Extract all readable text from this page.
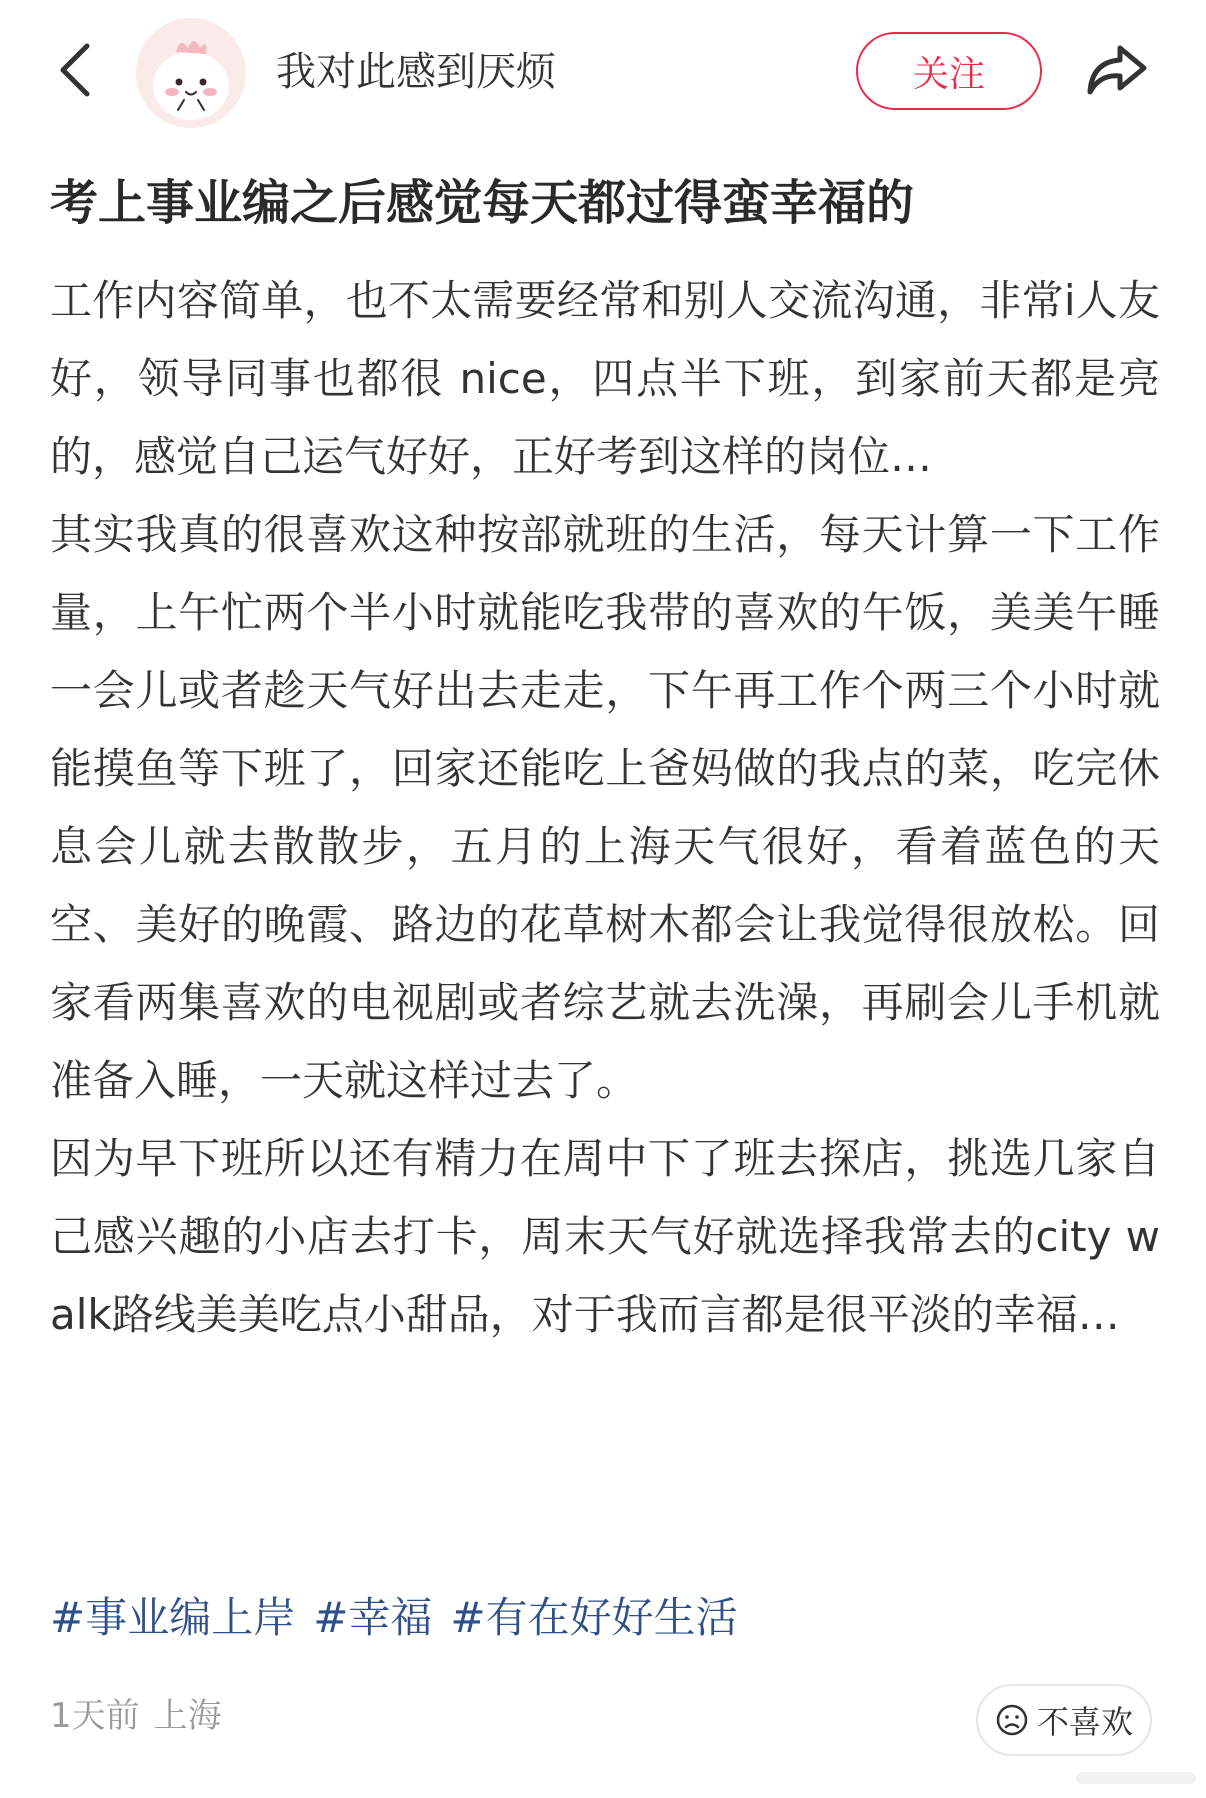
我对此感到厌烦	关注
考上事业编之后感觉每天都过得蛮幸福的

工作内容简单，也不太需要经常和别人交流沟通，非常i人友好，领导同事也都很 nice，四点半下班，到家前天都是亮的，感觉自己运气好好，正好考到这样的岗位…

其实我真的很喜欢这种按部就班的生活，每天计算一下工作量，上午忙两个半小时就能吃我带的喜欢的午饭，美美午睡一会儿或者趁天气好出去走走，下午再工作个两三个小时就能摸鱼等下班了，回家还能吃上爸妈做的我点的菜，吃完休息会儿就去散散步，五月的上海天气很好，看着蓝色的天空、美好的晚霞、路边的花草树木都会让我觉得很放松。回家看两集喜欢的电视剧或者综艺就去洗澡，再刷会儿手机就准备入睡，一天就这样过去了。

因为早下班所以还有精力在周中下了班去探店，挑选几家自己感兴趣的小店去打卡，周末天气好就选择我常去的city walk路线美美吃点小甜品，对于我而言都是很平淡的幸福…

#事业编上岸 #幸福 #有在好好生活
1天前 上海	不喜欢
